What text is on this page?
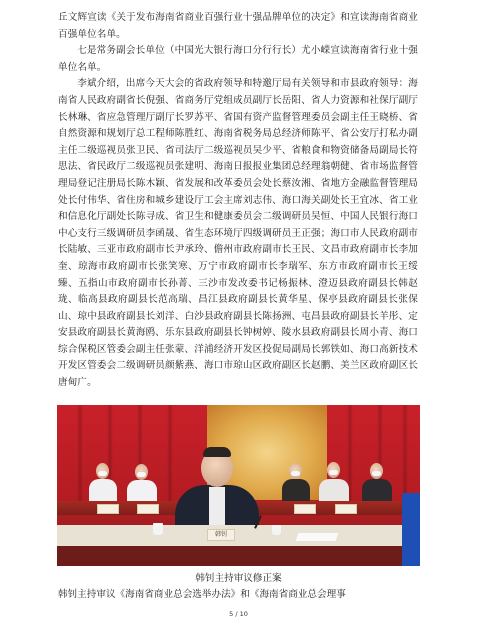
丘文辉宣读《关于发布海南省商业百强行业十强品牌单位的决定》和宣读海南省商业百强单位名单。

七是常务副会长单位（中国光大银行海口分行行长）尤小嵘宣读海南省行业十强单位名单。

李斌介绍，出席今天大会的省政府领导和特邀厅局有关领导和市县政府领导：海南省人民政府副省长倪强、省商务厅党组成员副厅长岳阳、省人力资源和社保厅副厅长林琳、省应急管理厅副厅长罗苏平、省国有资产监督管理委员会副主任王晓桥、省自然资源和规划厅总工程师陈胜红、海南省税务局总经济师陈平、省公安厅打私办副主任二级巡视员张卫民、省司法厅二级巡视员吴少平、省粮食和物资储备局副局长符思法、省民政厅二级巡视员张建明、海南日报报业集团总经理翁朝健、省市场监督管理局登记注册局长陈木颖、省发展和改革委员会处长蔡汝湘、省地方金融监督管理局处长付伟华、省住房和城乡建设厅工会主席刘志伟、海口海关副处长王宜冰、省工业和信息化厅副处长陈寻成、省卫生和健康委员会二级调研员吴恒、中国人民银行海口中心支行三级调研员李函晟、省生态环境厅四级调研员王正强；海口市人民政府副市长陆敏、三亚市政府副市长尹承玲、儋州市政府副市长王民、文昌市政府副市长李加奎、琼海市政府副市长张笑寒、万宁市政府副市长李瑞军、东方市政府副市长王绥臻、五指山市政府副市长孙菁、三沙市发改委书记杨振林、澄迈县政府副县长韩赵珑、临高县政府副县长范高瑞、昌江县政府副县长黄华星、保亭县政府副县长张保山、琼中县政府副县长刘洋、白沙县政府副县长陈扬洲、屯昌县政府副县长羊彤、定安县政府副县长黄海鸥、乐东县政府副县长钟树婷、陵水县政府副县长周小青、海口综合保税区管委会副主任张蒙、洋浦经济开发区投促局副局长郭铁如、海口高新技术开发区管委会二级调研员颜紫燕、海口市琼山区政府副区长赵鹏、美兰区政府副区长唐甸广。

韩钊
韩钊主持审议修正案
韩钊主持审议《海南省商业总会选举办法》和《海南省商业总会理事
5 / 10
